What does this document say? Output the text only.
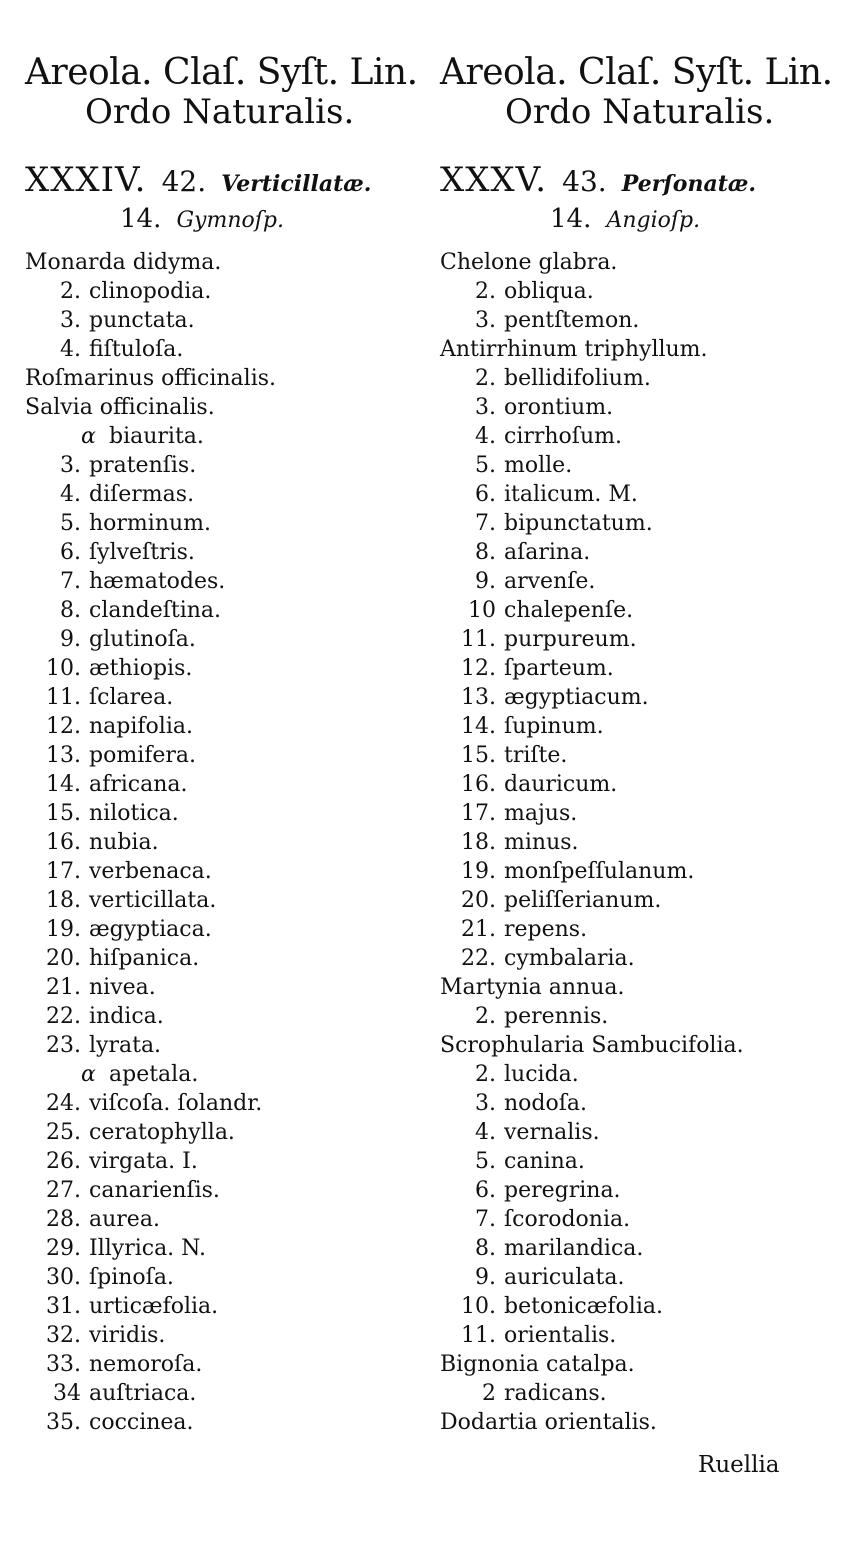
Areola. Claſ. Syſt. Lin.
Ordo Naturalis.
XXXIV. 42. Verticillatæ.
14. Gymnoſp.
Monarda didyma.
2. clinopodia.
3. punctata.
4. fiſtuloſa.
Roſmarinus officinalis.
Salvia officinalis.
α biaurita.
3. pratenſis.
4. diſermas.
5. horminum.
6. ſylveſtris.
7. hæmatodes.
8. clandeſtina.
9. glutinoſa.
10. æthiopis.
11. ſclarea.
12. napifolia.
13. pomifera.
14. africana.
15. nilotica.
16. nubia.
17. verbenaca.
18. verticillata.
19. ægyptiaca.
20. hiſpanica.
21. nivea.
22. indica.
23. lyrata.
α apetala.
24. viſcoſa. ſolandr.
25. ceratophylla.
26. virgata. I.
27. canarienſis.
28. aurea.
29. Illyrica. N.
30. ſpinoſa.
31. urticæfolia.
32. viridis.
33. nemoroſa.
34 auſtriaca.
35. coccinea.
Areola. Claſ. Syſt. Lin.
Ordo Naturalis.
XXXV. 43. Perſonatæ.
14. Angioſp.
Chelone glabra.
2. obliqua.
3. pentſtemon.
Antirrhinum triphyllum.
2. bellidifolium.
3. orontium.
4. cirrhoſum.
5. molle.
6. italicum. M.
7. bipunctatum.
8. aſarina.
9. arvenſe.
10 chalepenſe.
11. purpureum.
12. ſparteum.
13. ægyptiacum.
14. ſupinum.
15. triſte.
16. dauricum.
17. majus.
18. minus.
19. monſpeſſulanum.
20. peliſſerianum.
21. repens.
22. cymbalaria.
Martynia annua.
2. perennis.
Scrophularia Sambucifolia.
2. lucida.
3. nodoſa.
4. vernalis.
5. canina.
6. peregrina.
7. ſcorodonia.
8. marilandica.
9. auriculata.
10. betonicæfolia.
11. orientalis.
Bignonia catalpa.
2 radicans.
Dodartia orientalis.
Ruellia
